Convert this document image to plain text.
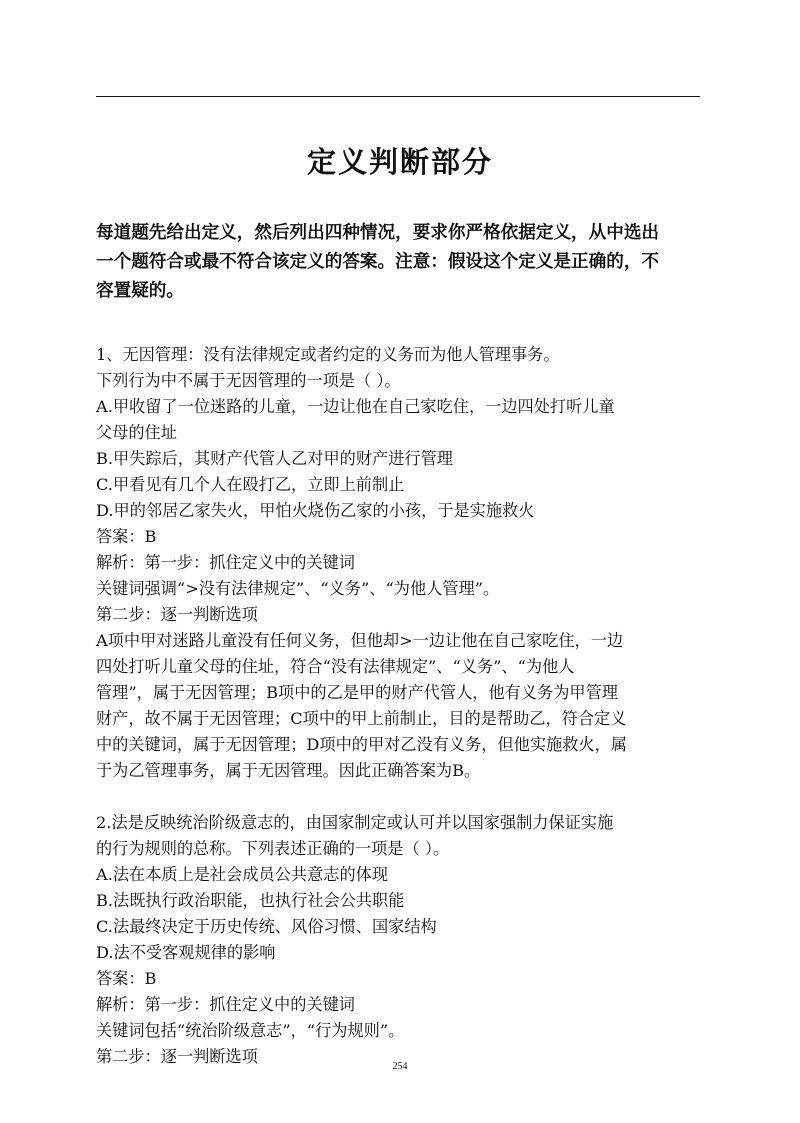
定义判断部分
每道题先给出定义，然后列出四种情况，要求你严格依据定义，从中选出
一个题符合或最不符合该定义的答案。注意：假设这个定义是正确的，不
容置疑的。
1、无因管理：没有法律规定或者约定的义务而为他人管理事务。
下列行为中不属于无因管理的一项是（ ）。
A.甲收留了一位迷路的儿童，一边让他在自己家吃住，一边四处打听儿童
父母的住址
B.甲失踪后，其财产代管人乙对甲的财产进行管理
C.甲看见有几个人在殴打乙，立即上前制止
D.甲的邻居乙家失火，甲怕火烧伤乙家的小孩，于是实施救火
答案：B
解析：第一步：抓住定义中的关键词
关键词强调“>没有法律规定”、“义务”、“为他人管理”。
第二步：逐一判断选项
A项中甲对迷路儿童没有任何义务，但他却>一边让他在自己家吃住，一边
四处打听儿童父母的住址，符合“没有法律规定”、“义务”、“为他人
管理”，属于无因管理；B项中的乙是甲的财产代管人，他有义务为甲管理
财产，故不属于无因管理；C项中的甲上前制止，目的是帮助乙，符合定义
中的关键词，属于无因管理；D项中的甲对乙没有义务，但他实施救火，属
于为乙管理事务，属于无因管理。因此正确答案为B。
2.法是反映统治阶级意志的，由国家制定或认可并以国家强制力保证实施
的行为规则的总称。下列表述正确的一项是（ ）。
A.法在本质上是社会成员公共意志的体现
B.法既执行政治职能，也执行社会公共职能
C.法最终决定于历史传统、风俗习惯、国家结构
D.法不受客观规律的影响
答案：B
解析：第一步：抓住定义中的关键词
关键词包括“统治阶级意志”，“行为规则”。
第二步：逐一判断选项
254
